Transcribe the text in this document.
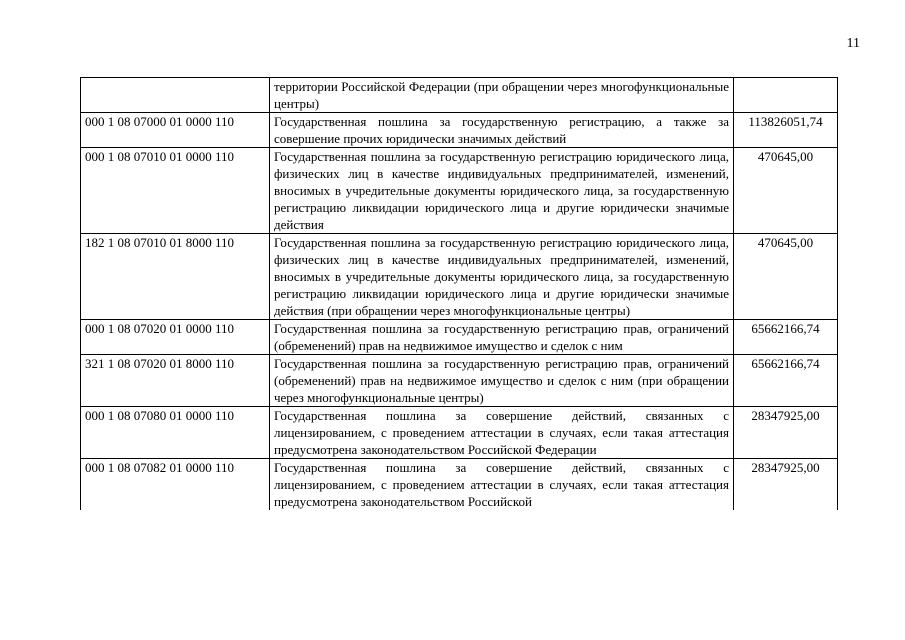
11
	территории Российской Федерации (при обращении через многофункциональные центры)	
000 1 08 07000 01 0000 110	Государственная пошлина за государственную регистрацию, а также за совершение прочих юридически значимых действий	113826051,74
000 1 08 07010 01 0000 110	Государственная пошлина за государственную регистрацию юридического лица, физических лиц в качестве индивидуальных предпринимателей, изменений, вносимых в учредительные документы юридического лица, за государственную регистрацию ликвидации юридического лица и другие юридически значимые действия	470645,00
182 1 08 07010 01 8000 110	Государственная пошлина за государственную регистрацию юридического лица, физических лиц в качестве индивидуальных предпринимателей, изменений, вносимых в учредительные документы юридического лица, за государственную регистрацию ликвидации юридического лица и другие юридически значимые действия (при обращении через многофункциональные центры)	470645,00
000 1 08 07020 01 0000 110	Государственная пошлина за государственную регистрацию прав, ограничений (обременений) прав на недвижимое имущество и сделок с ним	65662166,74
321 1 08 07020 01 8000 110	Государственная пошлина за государственную регистрацию прав, ограничений (обременений) прав на недвижимое имущество и сделок с ним (при обращении через многофункциональные центры)	65662166,74
000 1 08 07080 01 0000 110	Государственная пошлина за совершение действий, связанных с лицензированием, с проведением аттестации в случаях, если такая аттестация предусмотрена законодательством Российской Федерации	28347925,00
000 1 08 07082 01 0000 110	Государственная пошлина за совершение действий, связанных с лицензированием, с проведением аттестации в случаях, если такая аттестация предусмотрена законодательством Российской	28347925,00
